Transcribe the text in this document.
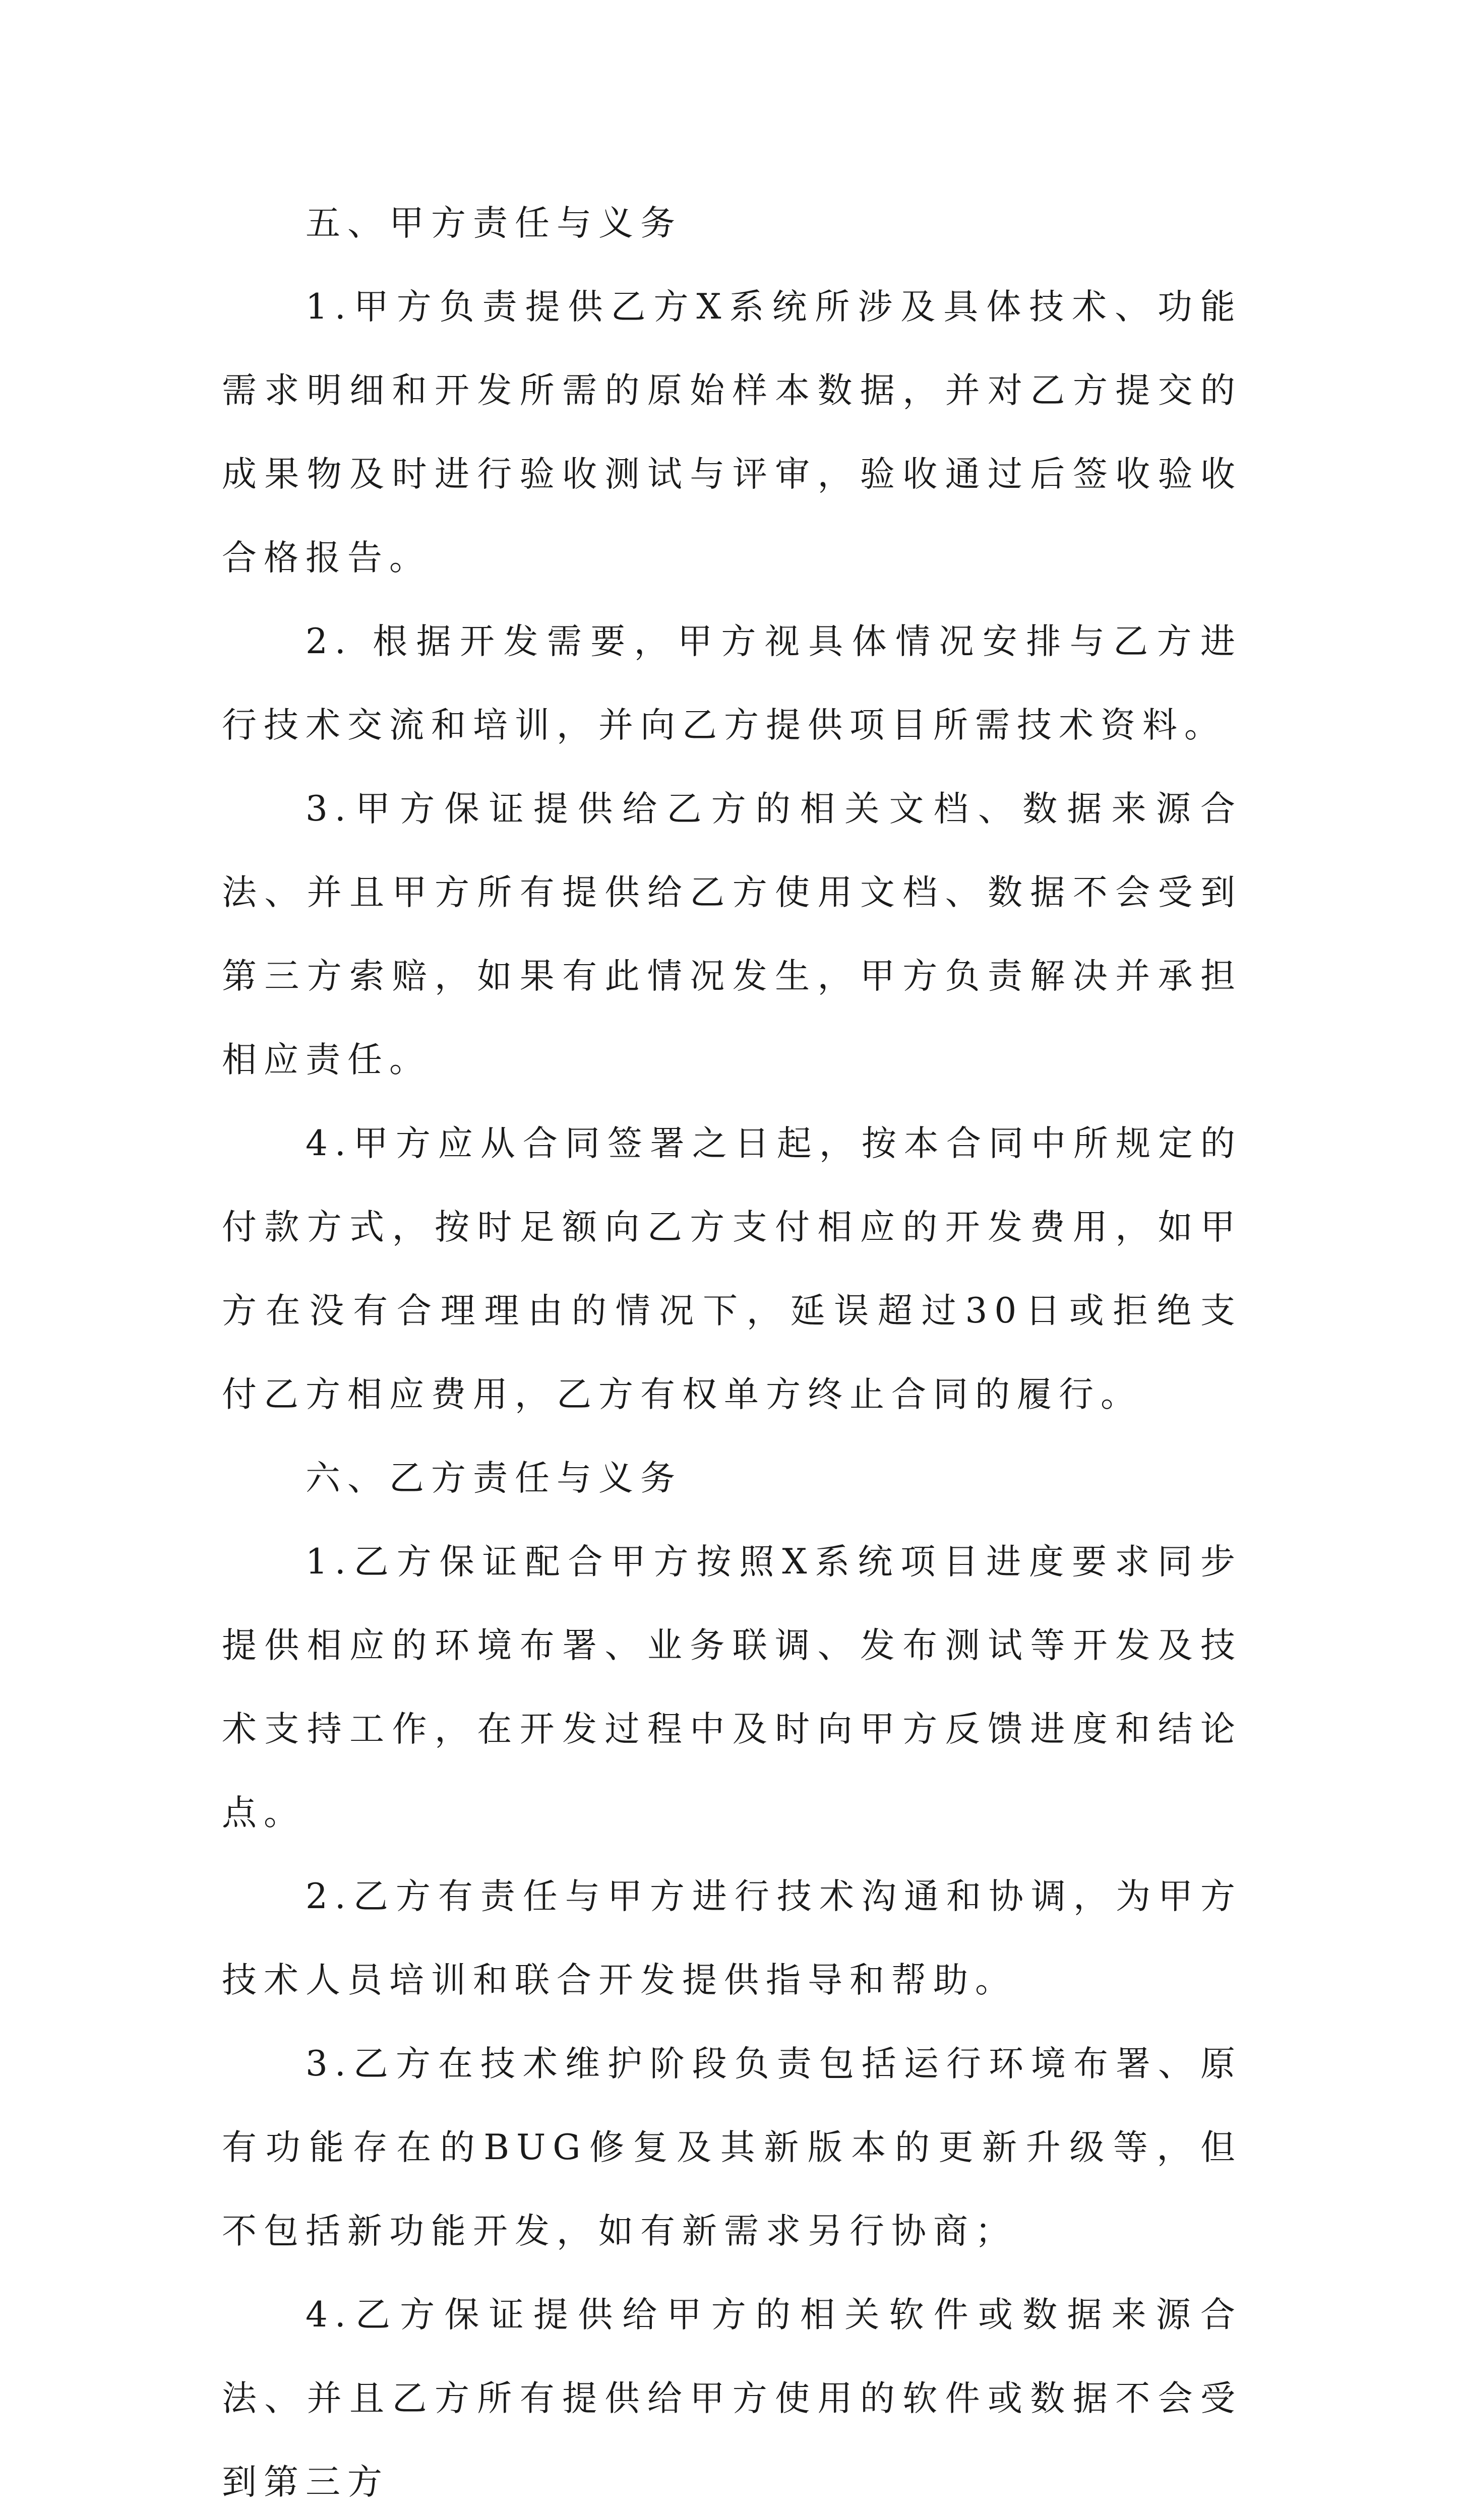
五、甲方责任与义务

1.甲方负责提供乙方X系统所涉及具体技术、功能需求明细和开发所需的原始样本数据，并对乙方提交的成果物及时进行验收测试与评审，验收通过后签收验收合格报告。

2. 根据开发需要，甲方视具体情况安排与乙方进行技术交流和培训，并向乙方提供项目所需技术资料。

3.甲方保证提供给乙方的相关文档、数据来源合法、并且甲方所有提供给乙方使用文档、数据不会受到第三方索赔，如果有此情况发生，甲方负责解决并承担相应责任。

4.甲方应从合同签署之日起，按本合同中所规定的付款方式，按时足额向乙方支付相应的开发费用，如甲方在没有合理理由的情况下，延误超过30日或拒绝支付乙方相应费用，乙方有权单方终止合同的履行。

六、乙方责任与义务

1.乙方保证配合甲方按照X系统项目进度要求同步提供相应的环境布署、业务联调、发布测试等开发及技术支持工作，在开发过程中及时向甲方反馈进度和结论点。

2.乙方有责任与甲方进行技术沟通和协调，为甲方技术人员培训和联合开发提供指导和帮助。

3.乙方在技术维护阶段负责包括运行环境布署、原有功能存在的BUG修复及其新版本的更新升级等，但不包括新功能开发，如有新需求另行协商；

4.乙方保证提供给甲方的相关软件或数据来源合法、并且乙方所有提供给甲方使用的软件或数据不会受到第三方
